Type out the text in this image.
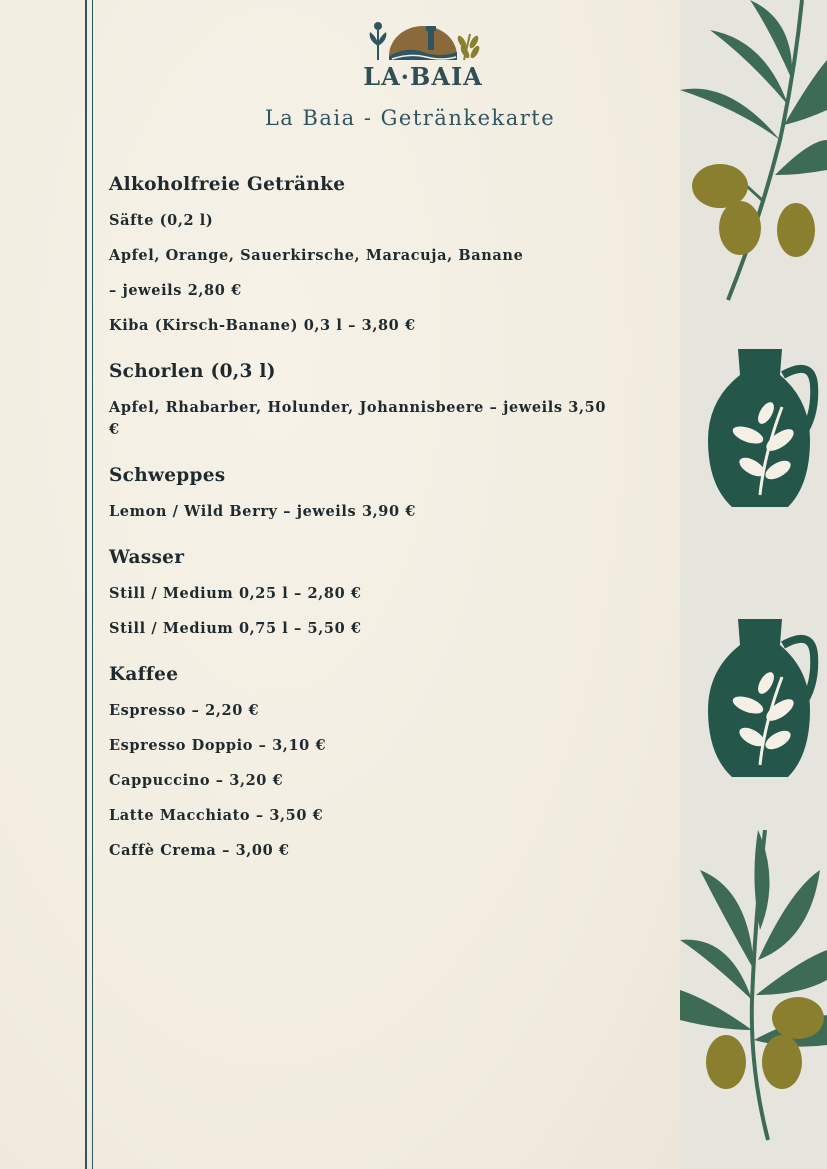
LA·BAIA
La Baia - Getränkekarte
Alkoholfreie Getränke

Säfte (0,2 l)

Apfel, Orange, Sauerkirsche, Maracuja, Banane

– jeweils 2,80 €

Kiba (Kirsch-Banane) 0,3 l – 3,80 €

Schorlen (0,3 l)

Apfel, Rhabarber, Holunder, Johannisbeere – jeweils 3,50 €

Schweppes

Lemon / Wild Berry – jeweils 3,90 €

Wasser

Still / Medium 0,25 l – 2,80 €

Still / Medium 0,75 l – 5,50 €

Kaffee

Espresso – 2,20 €

Espresso Doppio – 3,10 €

Cappuccino – 3,20 €

Latte Macchiato – 3,50 €

Caffè Crema – 3,00 €
